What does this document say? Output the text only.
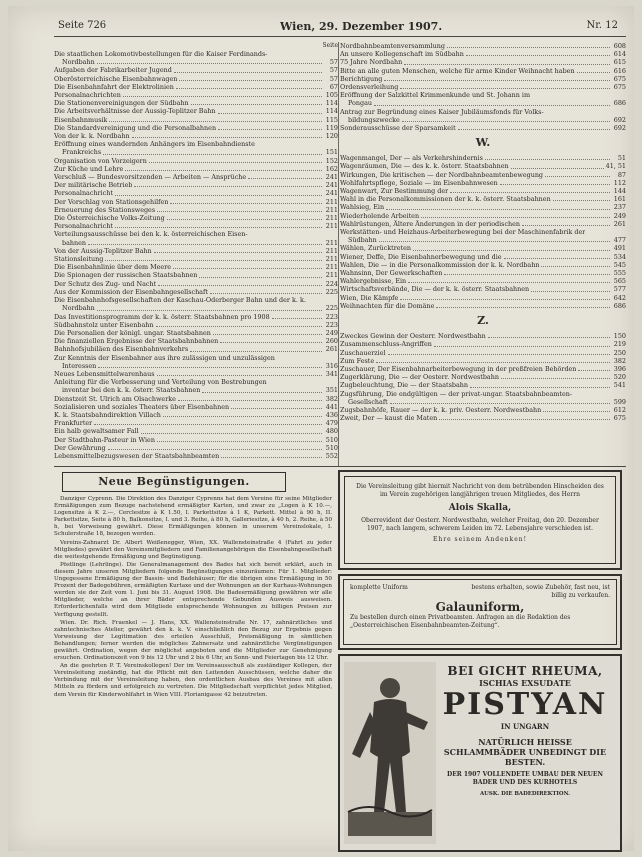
Seite 726	Wien, 29. Dezember 1907.	Nr. 12
Seite
Die staatlichen Lokomotivbestellungen für die Kaiser Ferdinands-
Nordbahn	57
Aufgaben der Fabrikarbeiter Jugend	57
Oberösterreichische Eisenbahnwagen	57
Die Eisenbahnfahrt der Elektrolinien	67
Personalnachrichten	105
Die Stationenvereinigungen der Südbahn	114
Die Arbeitsverhältnisse der Aussig-Teplitzer Bahn	114
Eisenbahnmusik	115
Die Standardvereinigung und die Personalbahnen	119
Von der k. k. Nordbahn	120
Eröffnung eines wandernden Anhängers im Eisenbahndienste
Frankreichs	151
Organisation von Vorzeigern	152
Zur Küche und Lehre	162
Verschluß — Bundesvorsitzenden — Arbeiten — Ansprüche	241
Der militärische Betrieb	241
Personalnachricht	241
Der Vorschlag von Stationsgehilfen	211
Erneuerung des Stationsweges	211
Die Österreichische Volks-Zeitung	211
Personalnachricht	211
Verteilungsausschüsse bei den k. k. österreichischen Eisen-
bahnen	211
Von der Aussig-Teplitzer Bahn	211
Stationsleitung	211
Die Eisenbahnlinie über dem Meere	211
Die Spionagen der russischen Staatsbahnen	211
Der Schutz des Zug- und Nacht	224
Aus der Kommission der Eisenbahngesellschaft	225
Die Eisenbahnhofsgesellschaften der Kaschau-Oderberger Bahn und der k. k.
Nordbahn	225
Das Investitionsprogramm der k. k. österr. Staatsbahnen pro 1908	223
Südbahnstolz unter Eisenbahn	223
Die Personalien der königl. ungar. Staatsbahnen	249
Die finanziellen Ergebnisse der Staatsbahnbahnen	260
Bahnhofsjubiläen des Eisenbahnverkehrs	261
Zur Kenntnis der Eisenbahner aus ihre zulässigen und unzulässigen
Interessen	316
Neues Lebensmittelwarenhaus	341
Anleitung für die Verbesserung und Verteilung von Bestrebungen
inventar bei den k. k. österr. Staatsbahnen	351
Dienstzeit St. Ulrich am Olsachwerke	382
Sozialisieren und soziales Theaters über Eisenbahnen	441
K. k. Staatsbahndirektion Villach	436
Frankfurter	479
Ein halb gewaltsamer Fall	480
Der Stadtbahn-Pasteur in Wien	510
Der Gewährung	510
Lebensmittelbezugswesen der Staatsbahnbeamten	552
Nordbahnbeamtenversammlung	608
An unsere Kollegenschaft im Südbahn	614
75 Jahre Nordbahn	615
Bitte an alle guten Menschen, welche für arme Kinder Weihnacht haben	616
Berichtigung	675
Ordensverleihung	675
Eröffnung der Salzkittel Krimmenkunde und St. Johann im
Pongau	686
Antrag zur Begründung eines Kaiser Jubiläumsfonds für Volks-
bildungszwecke	692
Sonderausschüsse der Sparsamkeit	692
W.
Wagenmangel, Der — als Verkehrshindernis	51
Wagenräumen, Die — des k. k. österr. Staatsbahnen	41, 51
Wirkungen, Die kritischen — der Nordbahnbeamtenbewegung	87
Wohlfahrtspflege, Soziale — im Eisenbahnwesen	112
Wagenwart, Zur Bestimmung der	144
Wahl in die Personalkommissionen der k. k. österr. Staatsbahnen	161
Wahlsieg, Ein	237
Wiederholende Arbeiten	249
Wahlrüstungen, Ältere Änderungen in der periodischen	261
Werkstätten- und Heizhaus-Arbeiterbewegung bei der Maschinenfabrik der
Südbahn	477
Wählen, Zurücktreten	491
Wiener, Deffe, Die Eisenbahnerbewegung und die	534
Wahlen, Die — in die Personalkommission der k. k. Nordbahn	545
Wahnsinn, Der Gewerkschaften	555
Wahlergebnisse, Ein	565
Wirtschaftsverbände, Die — der k. k. österr. Staatsbahnen	577
Wien, Die Kämpfe	642
Weihnachten für die Domäne	686
Z.
Zweckes Gewinn der Oesterr. Nordwestbahn	150
Zusammenschluss-Angriffen	219
Zuschauerziel	250
Zum Feste	382
Zuschauer, Der Eisenbahnarbeiterbewegung in der preßfreien Behörden	396
Zugerklärung, Die — der Oesterr. Nordwestbahn	520
Zugbeleuchtung, Die — der Staatsbahn	541
Zugsführung, Die endgültigen — der privat-ungar. Staatsbahnbeamten-
Gesellschaft	599
Zugsbahnhöfe, Rauer — der k. k. priv. Oesterr. Nordwestbahn	612
Zweit, Der — kaust die Maten	675
Neue Begünstigungen.

Danziger Cyprenn. Die Direktion des Danziger Cyprenns hat dem Vereine für seine Mitglieder Ermäßigungen zum Bezuge nachstehend ermäßigter Karten, und zwar zu „Logen à K 10.—, Logensitze à K 2.—, Cerclesitze à K 1.50, I. Parkettsitze à 1 K, Parkett. Mittel à 90 h, II. Parkettsitze, Seite à 80 h, Balkonsitze, I. und 3. Reihe, à 80 h, Galleriesitze, à 40 h, 2. Reihe, à 50 h, bei Vorweisung gewährt. Diese Ermäßigungen können in unserem Vereinslokale, I. Schulerstraße 18, bezogen werden.

Vereins-Zahnarzt Dr. Albert Weißenegger, Wien, XX. Wallensteinstraße 4 (Fahrt zu jeder Mitgliedes) gewährt den Vereinsmitgliedern und Familienangehörigen die Eisenbahngesellschaft die weitestgehende Ermäßigung und Begünstigung.

Pöstlinge (Lehrlinge). Die Generalmanagement des Bades hat sich bereit erklärt, auch in diesem Jahre unseren Mitgliedern folgende Begünstigungen einzuräumen: Für 1. Mitglieder: Ungegessene Ermäßigung der Bassin- und Badehäuser; für die übrigen eine Ermäßigung in 50 Prozent der Badegebühren, ermäßigten Kurtaxe und der Wohnungen an der Kurhaus-Wohnungen werden sie der Zeit vom 1. Juni bis 31. August 1908. Die Badeermäßigung gewähren wir alle Mitglieder, welche an ihrer Bäder entsprechende Gebunden Ausweis ausweisen. Erforderlichenfalls wird dem Mitgliede entsprechende Wohnungen zu billigen Preisen zur Verfügung gestellt.

Wien. Dr. Rich. Fraenkel — J. Hans, XX. Wallensteinstraße Nr. 17, zahnärztliches und zahntechnisches Atelier, gewährt den k. k. V. einschließlich den Bezug zur Ergebnis gegen Vorweisung der Legitimation des erteilen Ausschluß, Preismäßigung in sämtlichen Behandlungen; ferner werden die mögliches Zahnersatz und zahnärztliche Vergünstigungen gewährt. Ordination, wegen der möglichst angeboten und die Mitglieder zur Genehmigung ersuchen. Ordinationszeit von 9 bis 12 Uhr und 2 bis 6 Uhr, an Sonn- und Feiertagen bis 12 Uhr.

An die geehrten P. T. Vereinskollegen! Der im Vereinsausschuß als zuständiger Kollegen, der Vereinsleitung zuständig, hat die Pflicht mit den Leitenden Ausschüssen, welche daher die Verbindung mit der Vereinsleitung haben, den ordentlichen Ausbau des Vereines mit allen Mitteln zu fördern und erfolgreich zu vertreten. Die Mitgliedschaft verpflichtet jedes Mitglied, dem Verein für Kinderwohlfahrt in Wien VIII. Florianigasse 42 beizutreten.

Die Vereinsleitung gibt hiermit Nachricht von dem betrübenden Hinscheiden des im Verein zugehörigen langjährigen treuen Mitgliedes, des Herrn
Alois Skalla,
Oberrevident der Oesterr. Nordwestbahn, welcher Freitag, den 20. Dezember 1907, nach langem, schwerem Leiden im 72. Lebensjahre verschieden ist.
Ehre seinem Andenken!
komplette Uniform	bestens erhalten, sowie Zubehör, fast neu, ist billig zu verkaufen.
Galauniform,
Zu bestellen durch einen Privatbeamten. Anfragen an die Redaktion des „Oesterreichischen Eisenbahnbeamten-Zeitung“.
BEI GICHT RHEUMA,
ISCHIAS EXSUDATE
PISTYAN
IN UNGARN
NATÜRLICH HEISSE SCHLAMMBÄDER UNBEDINGT DIE BESTEN.
DER 1907 VOLLENDETE UMBAU DER NEUEN BADER UND DES KURHOTELS
AUSK. DIE BADEDIREKTION.
